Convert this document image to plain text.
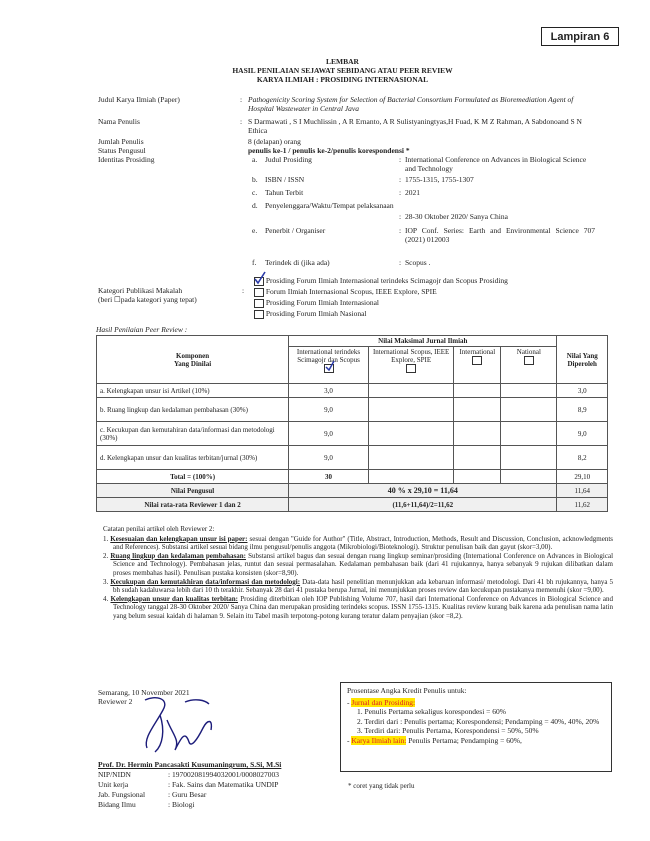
Lampiran 6
LEMBAR
HASIL PENILAIAN SEJAWAT SEBIDANG ATAU PEER REVIEW
KARYA ILMIAH : PROSIDING INTERNASIONAL
Judul Karya Ilmiah (Paper)	: Pathogenicity Scoring System for Selection of Bacterial Consortium Formulated as Bioremediation Agent of Hospital Wastewater in Central Java
Nama Penulis	: S Darmawati , S I Muchlissin , A R Ernanto, A R Sulistyaningtyas,H Fuad, K M Z Rahman, A Sabdonoand S N Ethica
Jumlah Penulis	8 (delapan) orang
Status Pengusul	penulis ke-1 / penulis ke-2/penulis korespondensi *
Identitas Prosiding	a. Judul Prosiding	: International Conference on Advances in Biological Science and Technology
b. ISBN / ISSN	: 1755-1315, 1755-1307
c. Tahun Terbit	: 2021
d. Penyelenggara/Waktu/Tempat pelaksanaan
: 28-30 Oktober 2020/ Sanya China
e. Penerbit / Organiser	: IOP Conf. Series: Earth and Environmental Science 707 (2021) 012003
f. Terindek di (jika ada)	: Scopus .
Kategori Publikasi Makalah
(beri ☐pada kategori yang tepat)
:
Prosiding Forum Ilmiah Internasional terindeks Scimagojr dan Scopus Prosiding
Forum Ilmiah Internasional Scopus, IEEE Explore, SPIE
Prosiding Forum Ilmiah Internasional
Prosiding Forum Ilmiah Nasional
Hasil Penilaian Peer Review :
Komponen
Yang Dinilai	Nilai Maksimal Jurnal Ilmiah				Nilai Yang Diperoleh

	International terindeks Scimagojr dan Scopus	International Scopus, IEEE Explore, SPIE	International	National	

a. Kelengkapan unsur isi Artikel (10%)	3,0				3,0
b. Ruang lingkup dan kedalaman pembahasan (30%)	9,0				8,9
c. Kecukupan dan kemutahiran data/informasi dan metodologi (30%)	9,0				9,0
d. Kelengkapan unsur dan kualitas terbitan/jurnal (30%)	9,0				8,2
Total = (100%)	30				29,10
Nilai Pengusul	40 % x 29,10 = 11,64				11,64
Nilai rata-rata Reviewer 1 dan 2	(11,6+11,64)/2=11,62				11,62
Catatan penilai artikel oleh Reviewer 2:

1. Kesesuaian dan kelengkapan unsur isi paper: sesuai dengan "Guide for Author" (Title, Abstract, Introduction, Methods, Result and Discussion, Conclusion, acknowledgments and References). Substansi artikel sesuai bidang ilmu pengusul/penulis anggota (Mikrobiologi/Bioteknologi). Struktur penulisan baik dan gayut (skor=3,00).

2. Ruang lingkup dan kedalaman pembahasan: Substansi artikel bagus dan sesuai dengan ruang lingkup seminar/prosiding (International Conference on Advances in Biological Science and Technology). Pembahasan jelas, runtut dan sesuai permasalahan. Kedalaman pembahasan baik (dari 41 rujukannya, hanya sebanyak 9 rujukan dilibatkan dalam proses membahas hasil). Penulisan pustaka konsisten (skor=8,90).

3. Kecukupan dan kemutakhiran data/informasi dan metodologi: Data-data hasil penelitian menunjukkan ada kebaruan informasi/ metodologi. Dari 41 bh rujukannya, hanya 5 bh sudah kadaluwarsa lebih dari 10 th terakhir. Sebanyak 28 dari 41 pustaka berupa Jurnal, ini menunjukkan proses review dan kecukupan pustakanya memenuhi (skor =9,00).

4. Kelengkapan unsur dan kualitas terbitan: Prosiding diterbitkan oleh IOP Publishing Volume 707, hasil dari International Conference on Advances in Biological Science and Technology tanggal 28-30 Oktober 2020/ Sanya China dan merupakan prosiding terindeks scopus. ISSN 1755-1315. Kualitas review kurang baik karena ada penulisan nama latin yang belum sesuai kaidah di halaman 9. Selain itu Tabel masih terpotong-potong kurang teratur dalam penyajian (skor =8,2).

Semarang, 10 November 2021
Reviewer 2
Prof. Dr. Hermin Pancasakti Kusumaningrum, S.Si, M.Si
NIP/NIDN	: 197002081994032001/0008027003
Unit kerja	: Fak. Sains dan Matematika UNDIP
Jab. Fungsional	: Guru Besar
Bidang Ilmu	: Biologi
Prosentase Angka Kredit Penulis untuk:
- Jurnal dan Prosiding:
1. Penulis Pertama sekaligus korespondesi = 60%
2. Terdiri dari : Penulis pertama; Korespondensi; Pendamping = 40%, 40%, 20%
3. Terdiri dari: Penulis Pertama, Korespondensi = 50%, 50%
- Karya Ilmiah lain: Penulis Pertama; Pendamping = 60%,
* coret yang tidak perlu
